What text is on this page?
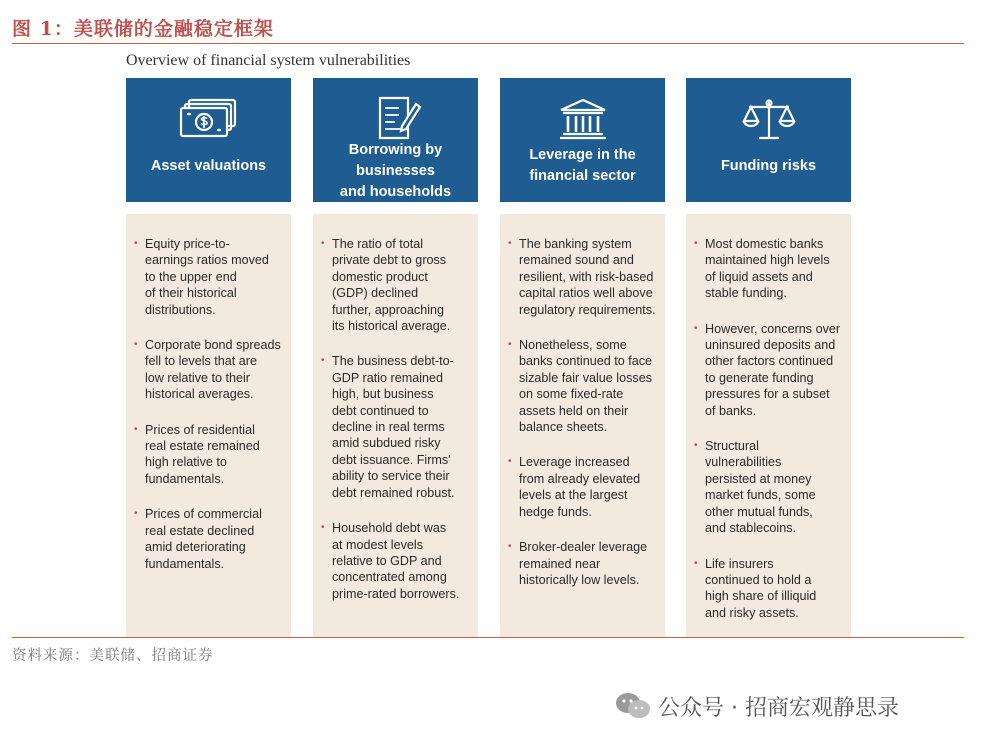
图 1：美联储的金融稳定框架
Overview of financial system vulnerabilities
Asset valuations
• Equity price-to-
earnings ratios moved
to the upper end
of their historical
distributions.
• Corporate bond spreads
fell to levels that are
low relative to their
historical averages.
• Prices of residential
real estate remained
high relative to
fundamentals.
• Prices of commercial
real estate declined
amid deteriorating
fundamentals.
Borrowing by businesses
and households
• The ratio of total
private debt to gross
domestic product
(GDP) declined
further, approaching
its historical average.
• The business debt-to-
GDP ratio remained
high, but business
debt continued to
decline in real terms
amid subdued risky
debt issuance. Firms'
ability to service their
debt remained robust.
• Household debt was
at modest levels
relative to GDP and
concentrated among
prime-rated borrowers.
Leverage in the
financial sector
• The banking system
remained sound and
resilient, with risk-based
capital ratios well above
regulatory requirements.
• Nonetheless, some
banks continued to face
sizable fair value losses
on some fixed-rate
assets held on their
balance sheets.
• Leverage increased
from already elevated
levels at the largest
hedge funds.
• Broker-dealer leverage
remained near
historically low levels.
Funding risks
• Most domestic banks
maintained high levels
of liquid assets and
stable funding.
• However, concerns over
uninsured deposits and
other factors continued
to generate funding
pressures for a subset
of banks.
• Structural
vulnerabilities
persisted at money
market funds, some
other mutual funds,
and stablecoins.
• Life insurers
continued to hold a
high share of illiquid
and risky assets.
资料来源：美联储、招商证券
公众号 · 招商宏观静思录
